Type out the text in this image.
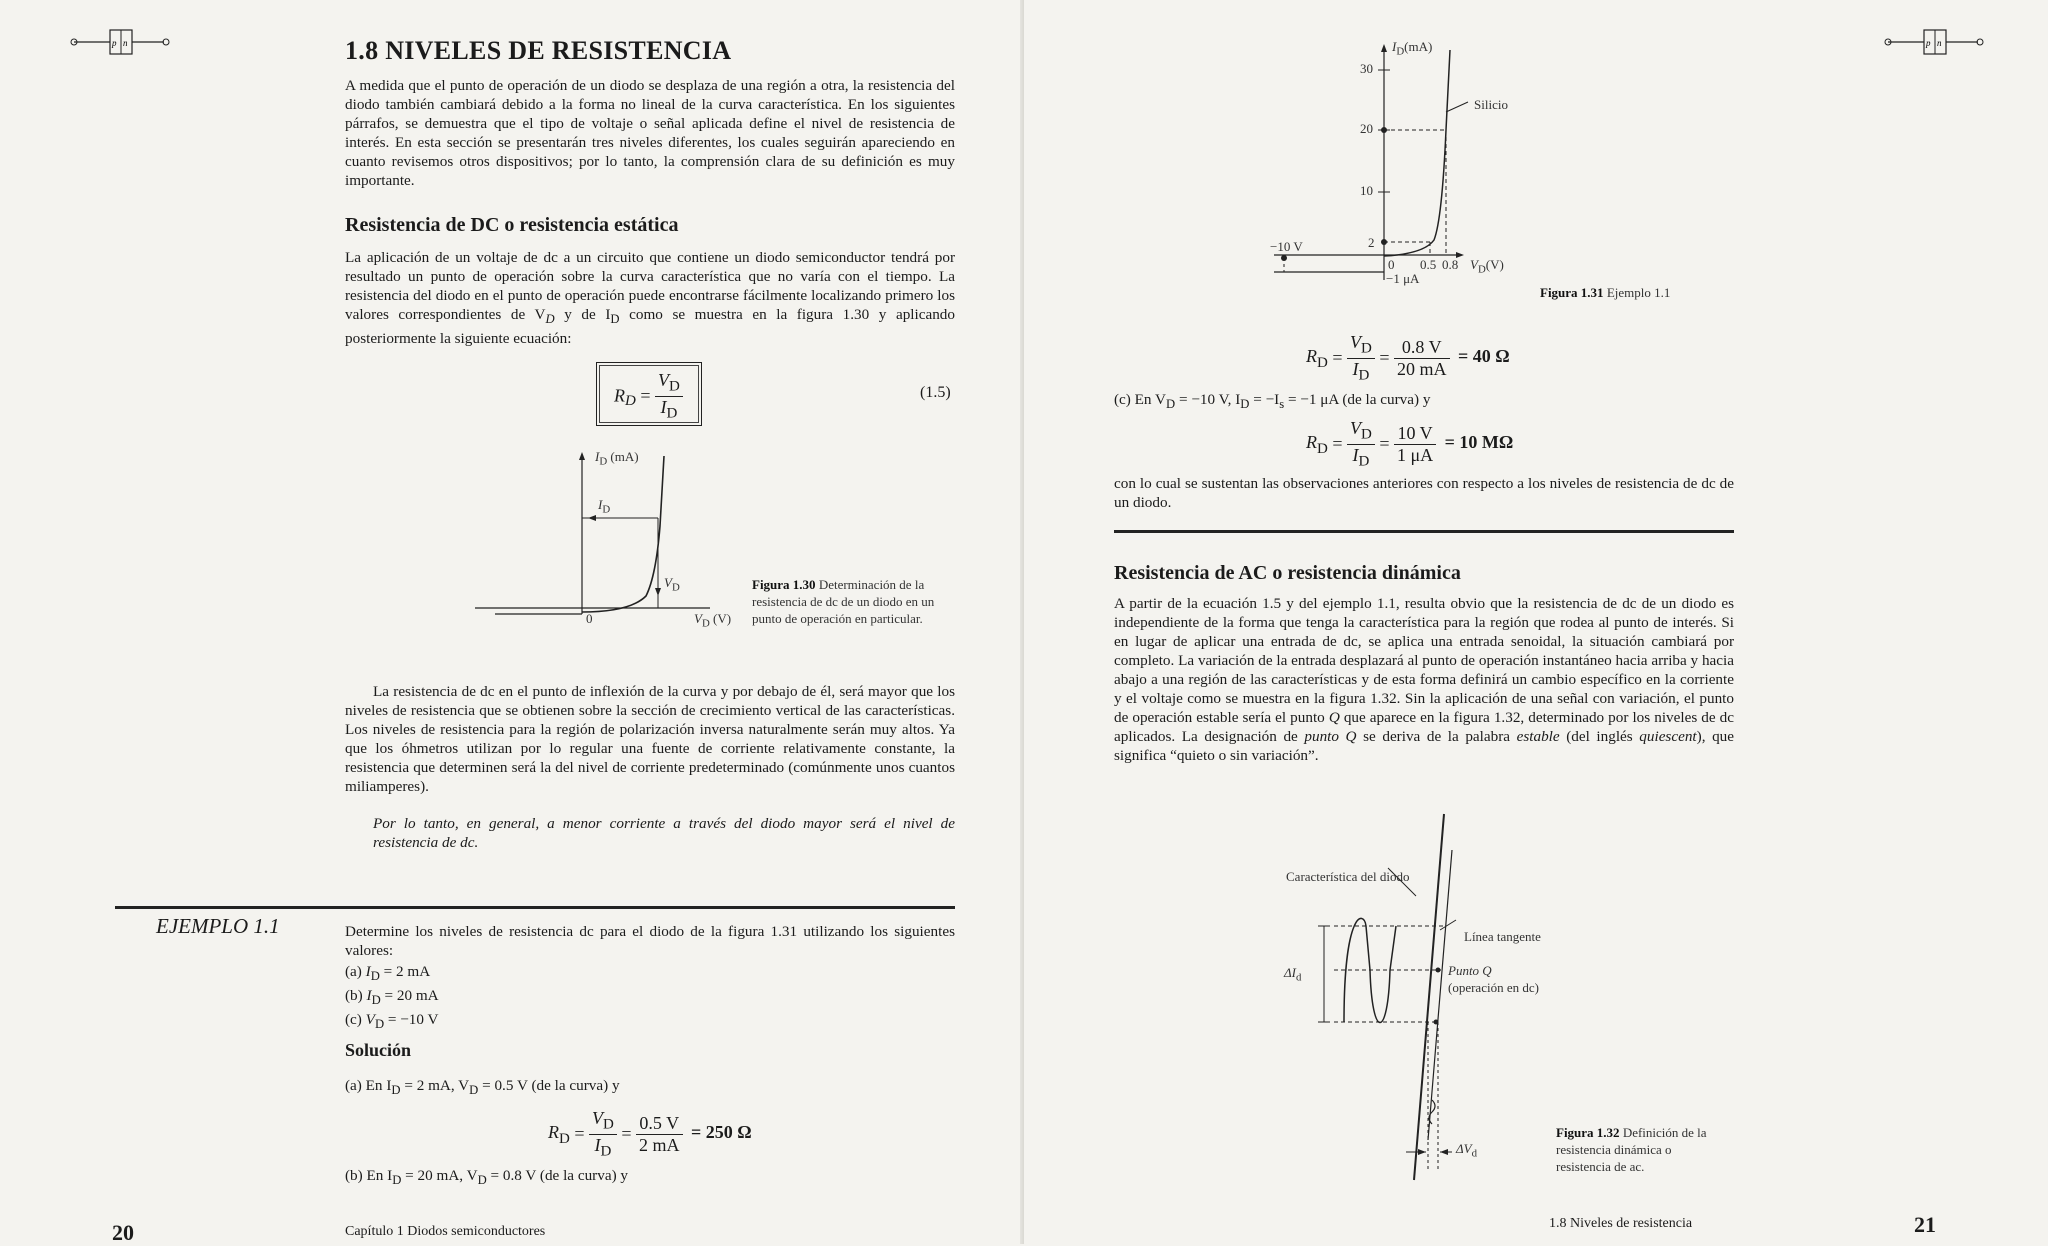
p n	1.8 NIVELES DE RESISTENCIA

A medida que el punto de operación de un diodo se desplaza de una región a otra, la resistencia del diodo también cambiará debido a la forma no lineal de la curva característica. En los siguientes párrafos, se demuestra que el tipo de voltaje o señal aplicada define el nivel de resistencia de interés. En esta sección se presentarán tres niveles diferentes, los cuales seguirán apareciendo en cuanto revisemos otros dispositivos; por lo tanto, la comprensión clara de su definición es muy importante.

Resistencia de DC o resistencia estática

La aplicación de un voltaje de dc a un circuito que contiene un diodo semiconductor tendrá por resultado un punto de operación sobre la curva característica que no varía con el tiempo. La resistencia del diodo en el punto de operación puede encontrarse fácilmente localizando primero los valores correspondientes de $V_D$ y de $I_D$ como se muestra en la figura 1.30 y aplicando posteriormente la siguiente ecuación:

$R_D = \frac{V_D}{I_D}$	(1.5)
$I_D$ (mA)
$I_D$
$V_D$
0	$V_D$ (V)
Figura 1.30 Determinación de la resistencia de dc de un diodo en un punto de operación en particular.

La resistencia de dc en el punto de inflexión de la curva y por debajo de él, será mayor que los niveles de resistencia que se obtienen sobre la sección de crecimiento vertical de las características. Los niveles de resistencia para la región de polarización inversa naturalmente serán muy altos. Ya que los óhmetros utilizan por lo regular una fuente de corriente relativamente constante, la resistencia que determinen será la del nivel de corriente predeterminado (comúnmente unos cuantos miliamperes).

Por lo tanto, en general, a menor corriente a través del diodo mayor será el nivel de resistencia de dc.

EJEMPLO 1.1	Determine los niveles de resistencia dc para el diodo de la figura 1.31 utilizando los siguientes valores:

(a) $I_D = 2$ mA
(b) $I_D = 20$ mA
(c) $V_D = -10$ V
Solución
(a) En $I_D = 2$ mA, $V_D = 0.5$ V (de la curva) y
$R_D = \frac{V_D}{I_D} = \frac{0.5 V}{2 mA} = 250$ Ω
(b) En $I_D = 20$ mA, $V_D = 0.8$ V (de la curva) y
20	Capítulo 1 Diodos semiconductores
p n
$I_D(mA)$
30
20
10
2
Silicio
−10 V
0 0.5 0.8 $V_D(V)$
−1 μA
Figura 1.31 Ejemplo 1.1
$R_D = \frac{V_D}{I_D} = \frac{0.8 V}{20 mA} = 40$ Ω
(c) En $V_D = -10$ V, $I_D = -I_s = -1$ μA (de la curva) y
$R_D = \frac{V_D}{I_D} = \frac{10 V}{1 \mu A} = 10$ MΩ

con lo cual se sustentan las observaciones anteriores con respecto a los niveles de resistencia de dc de un diodo.

Resistencia de AC o resistencia dinámica

A partir de la ecuación 1.5 y del ejemplo 1.1, resulta obvio que la resistencia de dc de un diodo es independiente de la forma que tenga la característica para la región que rodea al punto de interés. Si en lugar de aplicar una entrada de dc, se aplica una entrada senoidal, la situación cambiará por completo. La variación de la entrada desplazará al punto de operación instantáneo hacia arriba y hacia abajo a una región de las características y de esta forma definirá un cambio específico en la corriente y el voltaje como se muestra en la figura 1.32. Sin la aplicación de una señal con variación, el punto de operación estable sería el punto Q que aparece en la figura 1.32, determinado por los niveles de dc aplicados. La designación de punto Q se deriva de la palabra estable (del inglés quiescent), que significa “quieto o sin variación”.

Característica del diodo
Línea tangente
$\Delta I_d$	Punto Q
(operación en dc)
$\Delta V_d$
Figura 1.32 Definición de la resistencia dinámica o resistencia de ac.
1.8 Niveles de resistencia	21
